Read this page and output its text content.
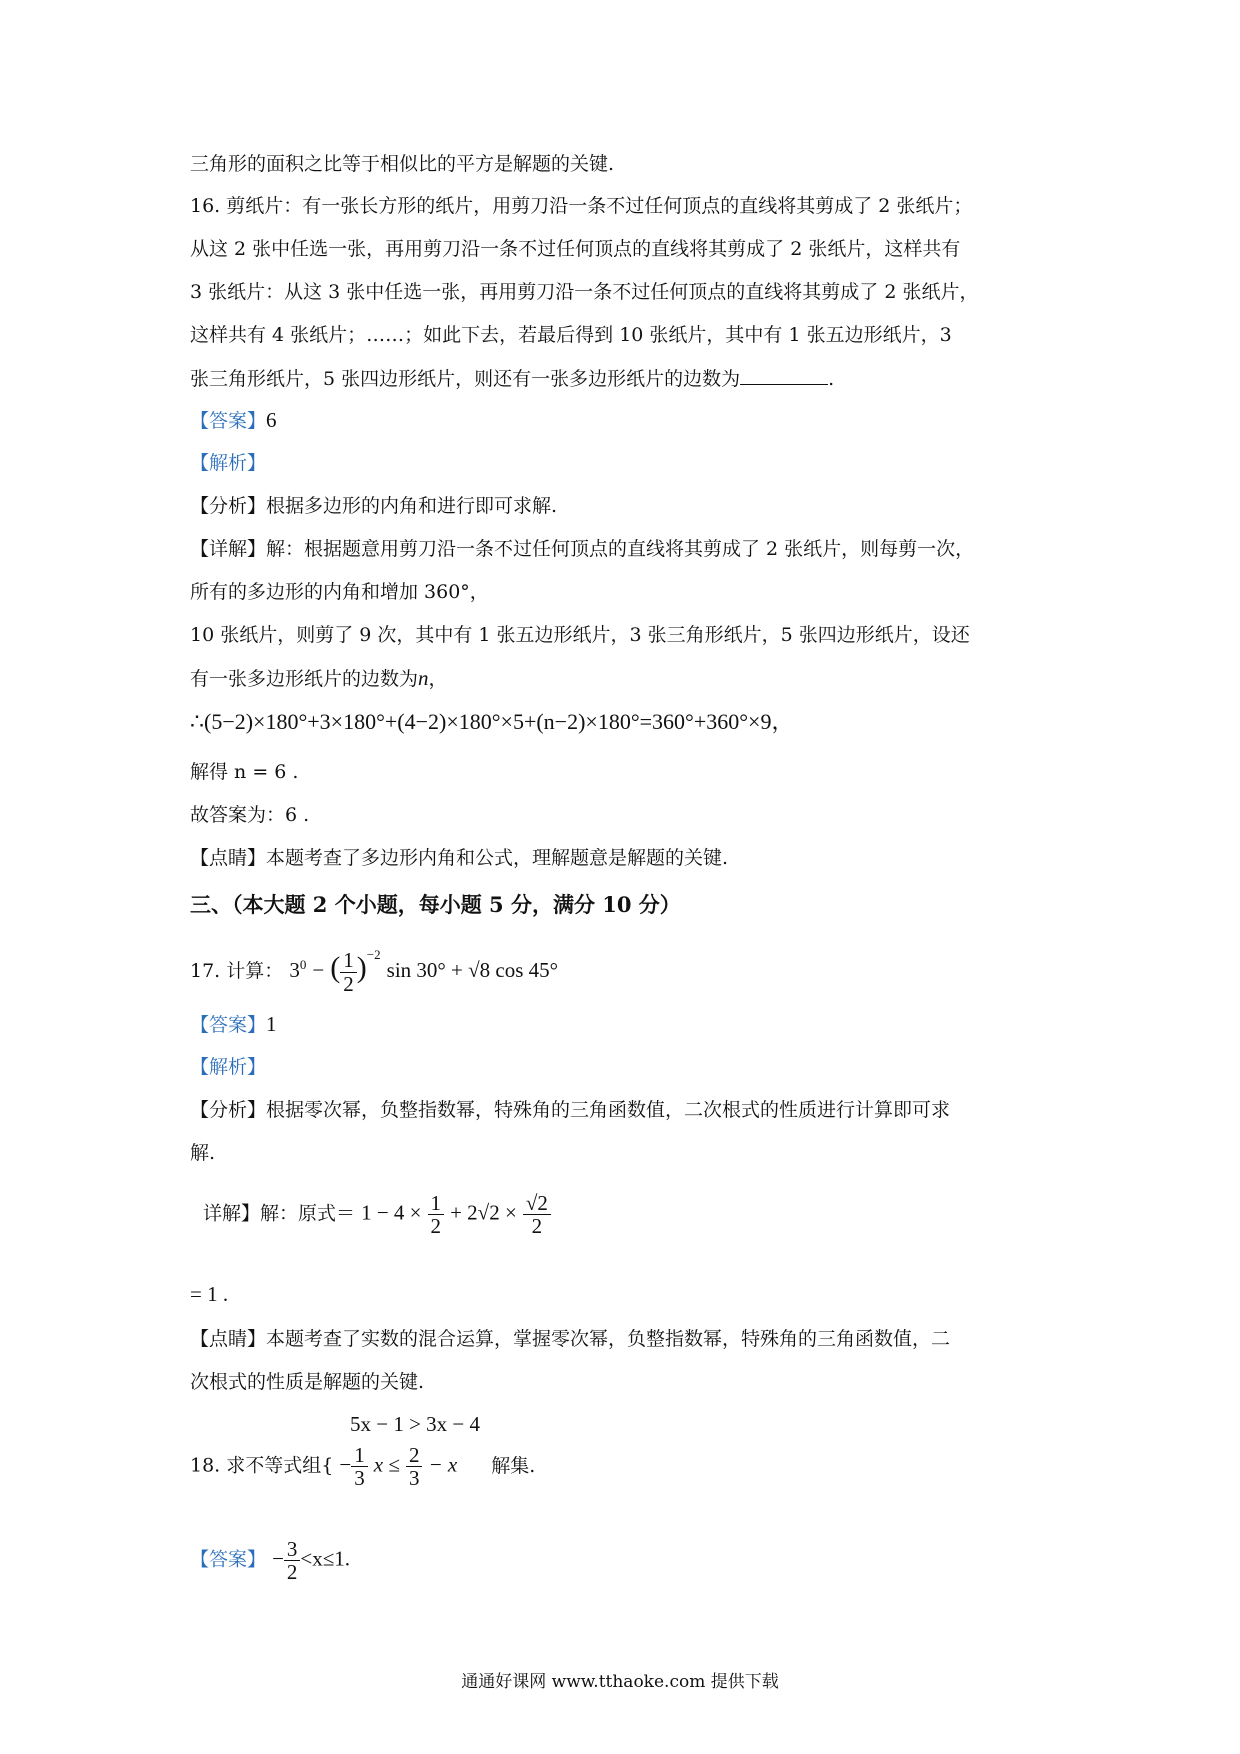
三角形的面积之比等于相似比的平方是解题的关键.
16. 剪纸片：有一张长方形的纸片，用剪刀沿一条不过任何顶点的直线将其剪成了 2 张纸片；
从这 2 张中任选一张，再用剪刀沿一条不过任何顶点的直线将其剪成了 2 张纸片，这样共有
3 张纸片：从这 3 张中任选一张，再用剪刀沿一条不过任何顶点的直线将其剪成了 2 张纸片，
这样共有 4 张纸片；……；如此下去，若最后得到 10 张纸片，其中有 1 张五边形纸片，3
张三角形纸片，5 张四边形纸片，则还有一张多边形纸片的边数为	.
【答案】6
【解析】
【分析】根据多边形的内角和进行即可求解.
【详解】解：根据题意用剪刀沿一条不过任何顶点的直线将其剪成了 2 张纸片，则每剪一次，
所有的多边形的内角和增加 360°，
10 张纸片，则剪了 9 次，其中有 1 张五边形纸片，3 张三角形纸片，5 张四边形纸片，设还
有一张多边形纸片的边数为n，
∴(5−2)×180°+3×180°+(4−2)×180°×5+(n−2)×180°=360°+360°×9，
解得 n = 6 .
故答案为：6 .
【点睛】本题考查了多边形内角和公式，理解题意是解题的关键.
三、（本大题 2 个小题，每小题 5 分，满分 10 分）
17. 计算： $3^0$ − ( $\frac{1}{2} )^{-2}$ sin 30° + √8 cos 45°
【答案】1
【解析】
【分析】根据零次幂，负整指数幂，特殊角的三角函数值，二次根式的性质进行计算即可求
解.
详解】解：原式＝ $1 - 4 \times \frac{1}{2} + 2√2 \times \frac{√2}{2}$
= 1 .
【点睛】本题考查了实数的混合运算，掌握零次幂，负整指数幂，特殊角的三角函数值，二
次根式的性质是解题的关键.
5x − 1 > 3x − 4
18. 求不等式组{ − $\frac{1}{3}$ $x \le \frac{2}{3} - x$ 解集.
【答案】 − $\frac{3}{2} <x\le 1$.
通通好课网 www.tthaoke.com 提供下载
